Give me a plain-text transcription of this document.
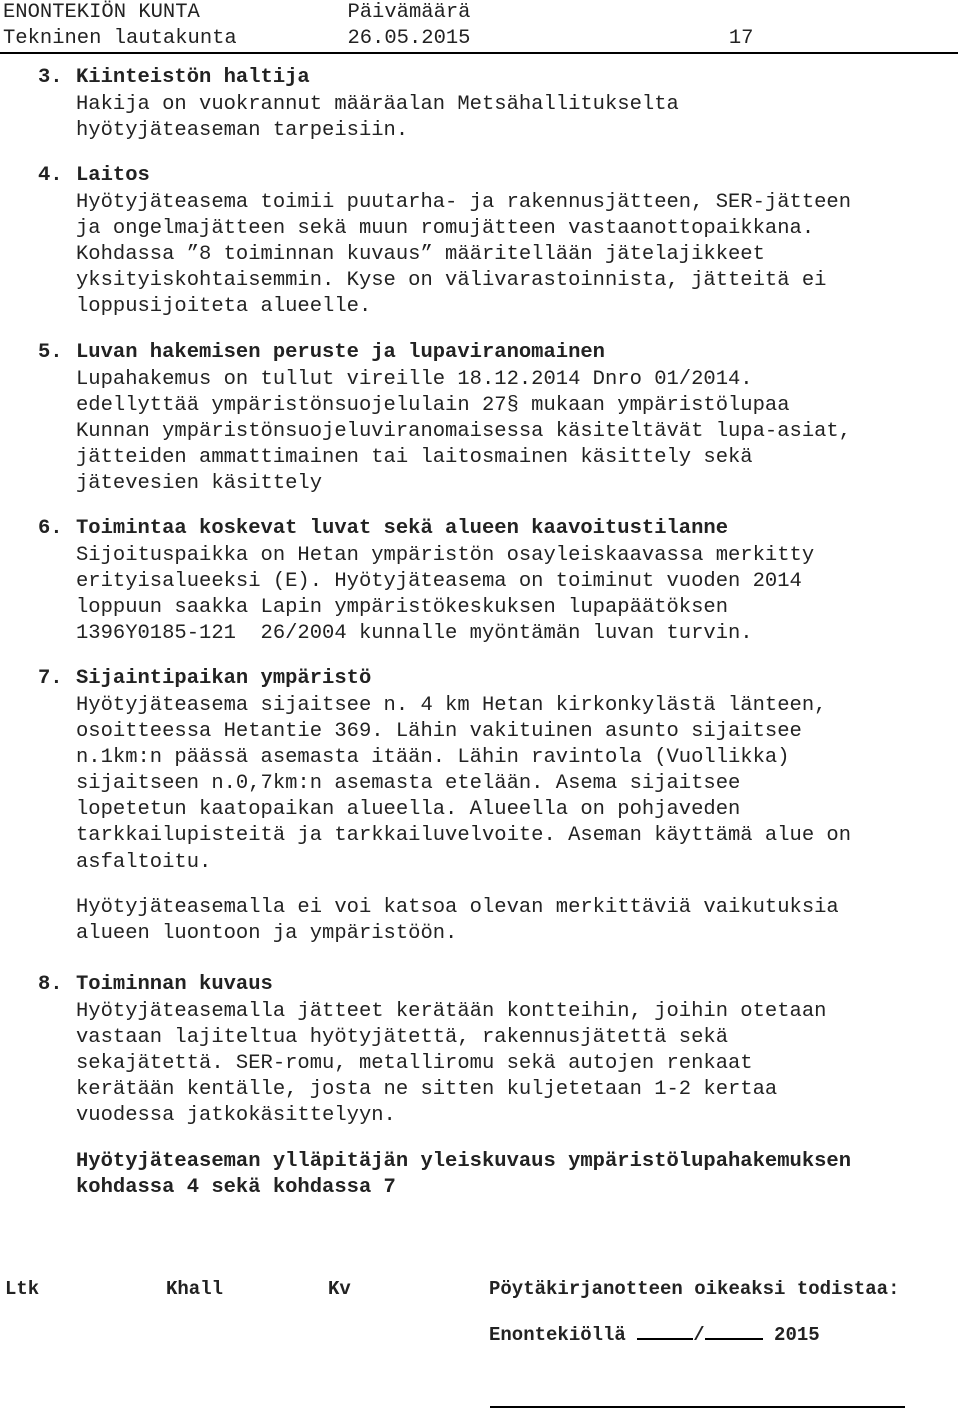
ENONTEKIÖN KUNTA            Päivämäärä
Tekninen lautakunta         26.05.2015                     17
3. Kiinteistön haltija
Hakija on vuokrannut määräalan Metsähallitukselta
hyötyjäteaseman tarpeisiin.
4. Laitos
Hyötyjäteasema toimii puutarha- ja rakennusjätteen, SER-jätteen
ja ongelmajätteen sekä muun romujätteen vastaanottopaikkana.
Kohdassa ”8 toiminnan kuvaus” määritellään jätelajikkeet
yksityiskohtaisemmin. Kyse on välivarastoinnista, jätteitä ei
loppusijoiteta alueelle.
5. Luvan hakemisen peruste ja lupaviranomainen
Lupahakemus on tullut vireille 18.12.2014 Dnro 01/2014.
edellyttää ympäristönsuojelulain 27§ mukaan ympäristölupaa
Kunnan ympäristönsuojeluviranomaisessa käsiteltävät lupa-asiat,
jätteiden ammattimainen tai laitosmainen käsittely sekä
jätevesien käsittely
6. Toimintaa koskevat luvat sekä alueen kaavoitustilanne
Sijoituspaikka on Hetan ympäristön osayleiskaavassa merkitty
erityisalueeksi (E). Hyötyjäteasema on toiminut vuoden 2014
loppuun saakka Lapin ympäristökeskuksen lupapäätöksen
1396Y0185-121  26/2004 kunnalle myöntämän luvan turvin.
7. Sijaintipaikan ympäristö
Hyötyjäteasema sijaitsee n. 4 km Hetan kirkonkylästä länteen,
osoitteessa Hetantie 369. Lähin vakituinen asunto sijaitsee
n.1km:n päässä asemasta itään. Lähin ravintola (Vuollikka)
sijaitseen n.0,7km:n asemasta etelään. Asema sijaitsee
lopetetun kaatopaikan alueella. Alueella on pohjaveden
tarkkailupisteitä ja tarkkailuvelvoite. Aseman käyttämä alue on
asfaltoitu.
Hyötyjäteasemalla ei voi katsoa olevan merkittäviä vaikutuksia
alueen luontoon ja ympäristöön.
8. Toiminnan kuvaus
Hyötyjäteasemalla jätteet kerätään kontteihin, joihin otetaan
vastaan lajiteltua hyötyjätettä, rakennusjätettä sekä
sekajätettä. SER-romu, metalliromu sekä autojen renkaat
kerätään kentälle, josta ne sitten kuljetetaan 1-2 kertaa
vuodessa jatkokäsittelyyn.
Hyötyjäteaseman ylläpitäjän yleiskuvaus ympäristölupahakemuksen
kohdassa 4 sekä kohdassa 7
Ltk	Khall	Kv	Pöytäkirjanotteen oikeaksi todistaa:
Enontekiöllä	/	2015
